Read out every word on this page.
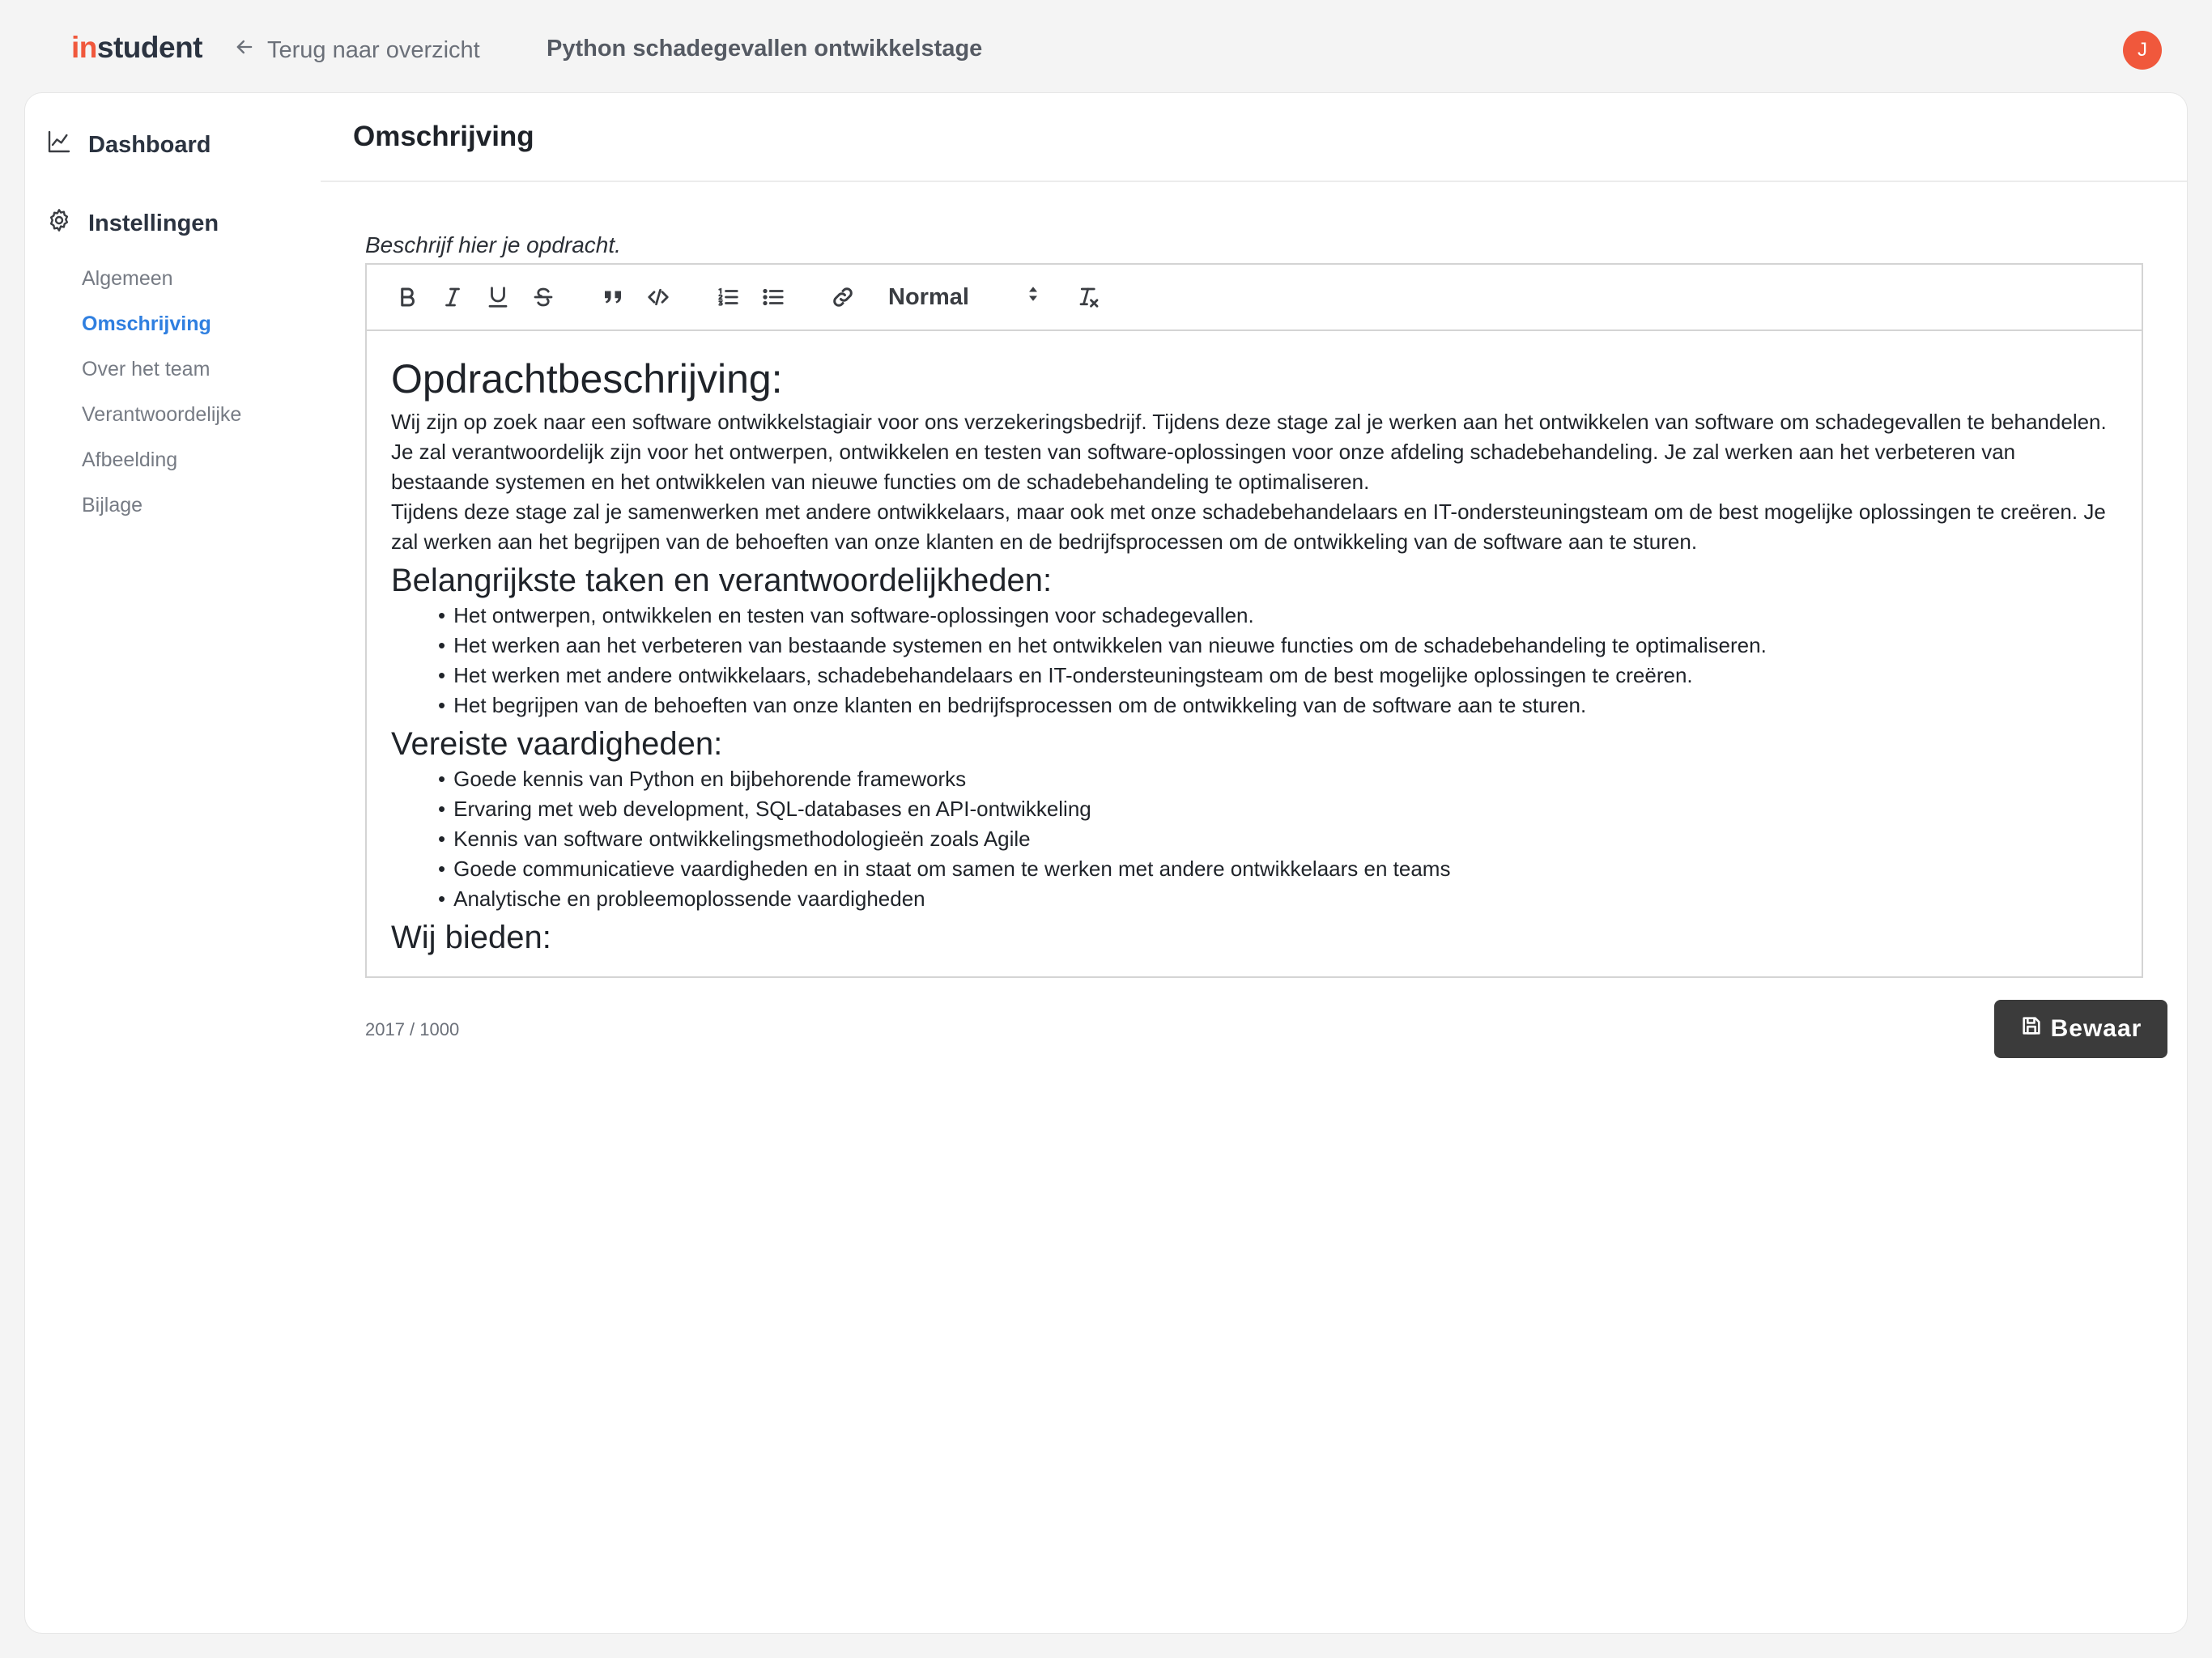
instudent	Terug naar overzicht	Python schadegevallen ontwikkelstage	J
Dashboard
Instellingen
Algemeen
Omschrijving
Over het team
Verantwoordelijke
Afbeelding
Bijlage
Omschrijving
Beschrijf hier je opdracht.
Normal
Opdrachtbeschrijving:

Wij zijn op zoek naar een software ontwikkelstagiair voor ons verzekeringsbedrijf. Tijdens deze stage zal je werken aan het ontwikkelen van software om schadegevallen te behandelen.

Je zal verantwoordelijk zijn voor het ontwerpen, ontwikkelen en testen van software-oplossingen voor onze afdeling schadebehandeling. Je zal werken aan het verbeteren van bestaande systemen en het ontwikkelen van nieuwe functies om de schadebehandeling te optimaliseren.

Tijdens deze stage zal je samenwerken met andere ontwikkelaars, maar ook met onze schadebehandelaars en IT-ondersteuningsteam om de best mogelijke oplossingen te creëren. Je zal werken aan het begrijpen van de behoeften van onze klanten en de bedrijfsprocessen om de ontwikkeling van de software aan te sturen.

Belangrijkste taken en verantwoordelijkheden:
• Het ontwerpen, ontwikkelen en testen van software-oplossingen voor schadegevallen.
• Het werken aan het verbeteren van bestaande systemen en het ontwikkelen van nieuwe functies om de schadebehandeling te optimaliseren.
• Het werken met andere ontwikkelaars, schadebehandelaars en IT-ondersteuningsteam om de best mogelijke oplossingen te creëren.
• Het begrijpen van de behoeften van onze klanten en bedrijfsprocessen om de ontwikkeling van de software aan te sturen.
Vereiste vaardigheden:
• Goede kennis van Python en bijbehorende frameworks
• Ervaring met web development, SQL-databases en API-ontwikkeling
• Kennis van software ontwikkelingsmethodologieën zoals Agile
• Goede communicatieve vaardigheden en in staat om samen te werken met andere ontwikkelaars en teams
• Analytische en probleemoplossende vaardigheden
Wij bieden:
2017 / 1000	Bewaar
